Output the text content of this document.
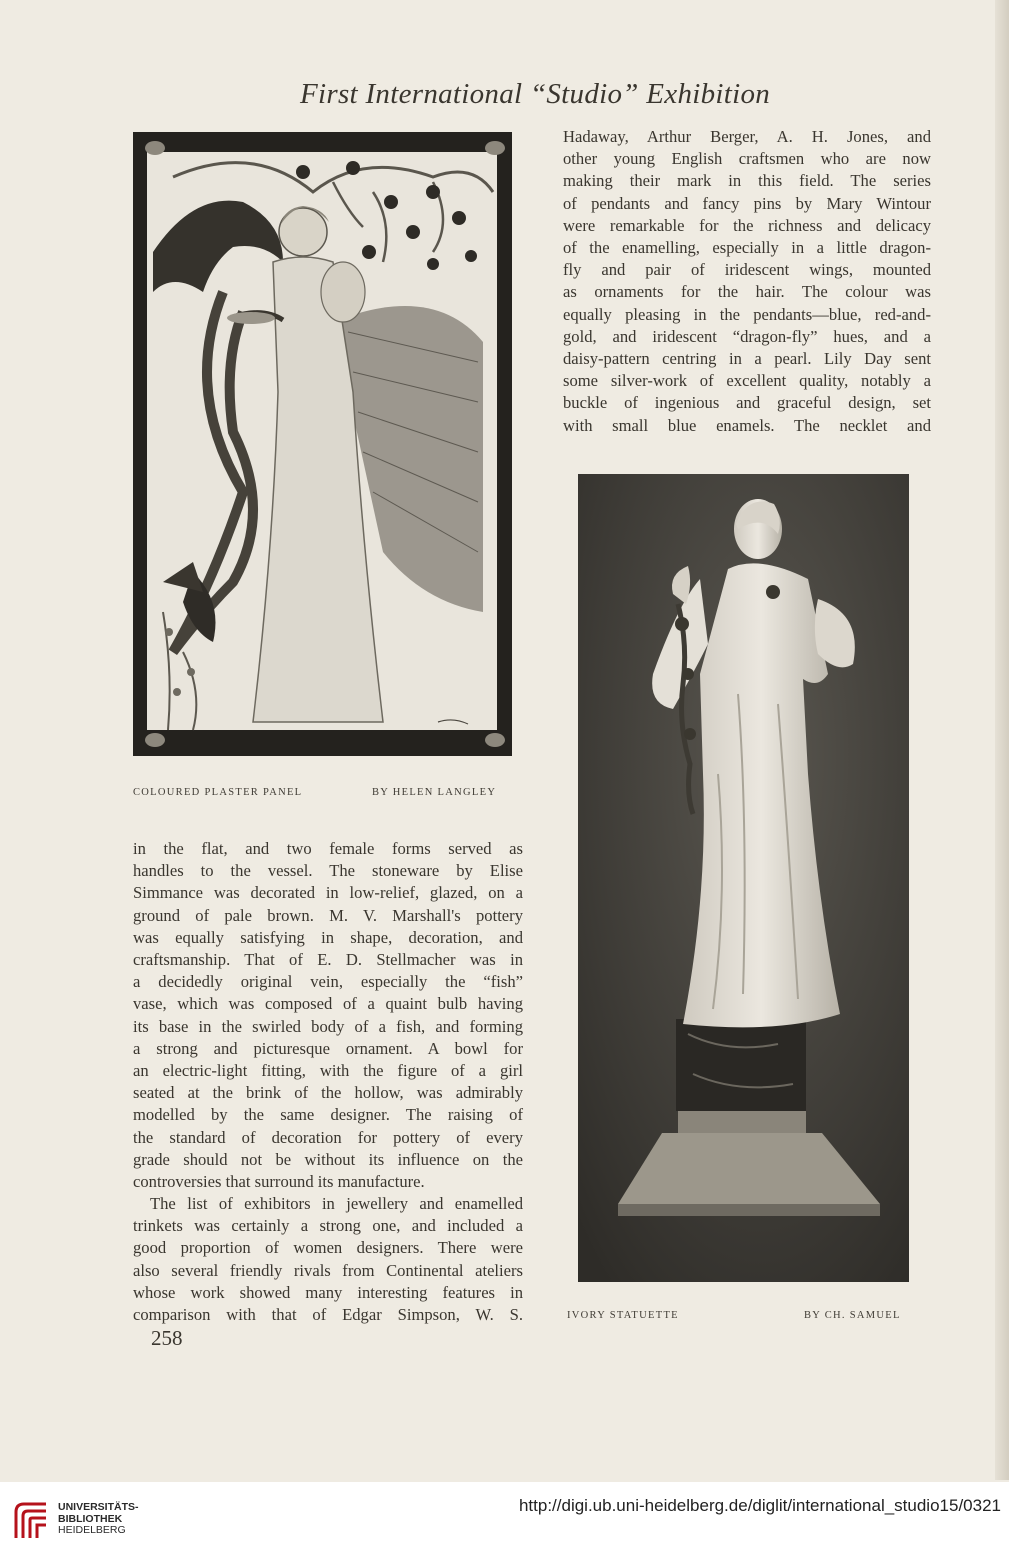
First International “Studio” Exhibition
COLOURED PLASTER PANEL	BY HELEN LANGLEY

Hadaway, Arthur Berger, A. H. Jones, and

other young English craftsmen who are now

making their mark in this field. The series

of pendants and fancy pins by Mary Wintour

were remarkable for the richness and delicacy

of the enamelling, especially in a little dragon-

fly and pair of iridescent wings, mounted

as ornaments for the hair. The colour was

equally pleasing in the pendants—blue, red-and-

gold, and iridescent “dragon-fly” hues, and a

daisy-pattern centring in a pearl. Lily Day sent

some silver-work of excellent quality, notably a

buckle of ingenious and graceful design, set

with small blue enamels. The necklet and

in the flat, and two female forms served as

handles to the vessel. The stoneware by Elise

Simmance was decorated in low-relief, glazed, on a

ground of pale brown. M. V. Marshall's pottery

was equally satisfying in shape, decoration, and

craftsmanship. That of E. D. Stellmacher was in

a decidedly original vein, especially the “fish”

vase, which was composed of a quaint bulb having

its base in the swirled body of a fish, and forming

a strong and picturesque ornament. A bowl for

an electric-light fitting, with the figure of a girl

seated at the brink of the hollow, was admirably

modelled by the same designer. The raising of

the standard of decoration for pottery of every

grade should not be without its influence on the

controversies that surround its manufacture.

The list of exhibitors in jewellery and enamelled

trinkets was certainly a strong one, and included a

good proportion of women designers. There were

also several friendly rivals from Continental ateliers

whose work showed many interesting features in

comparison with that of Edgar Simpson, W. S.	IVORY STATUETTE	BY CH. SAMUEL
258
UNIVERSITÄTS-
BIBLIOTHEK
HEIDELBERG
http://digi.ub.uni-heidelberg.de/diglit/international_studio15/0321
